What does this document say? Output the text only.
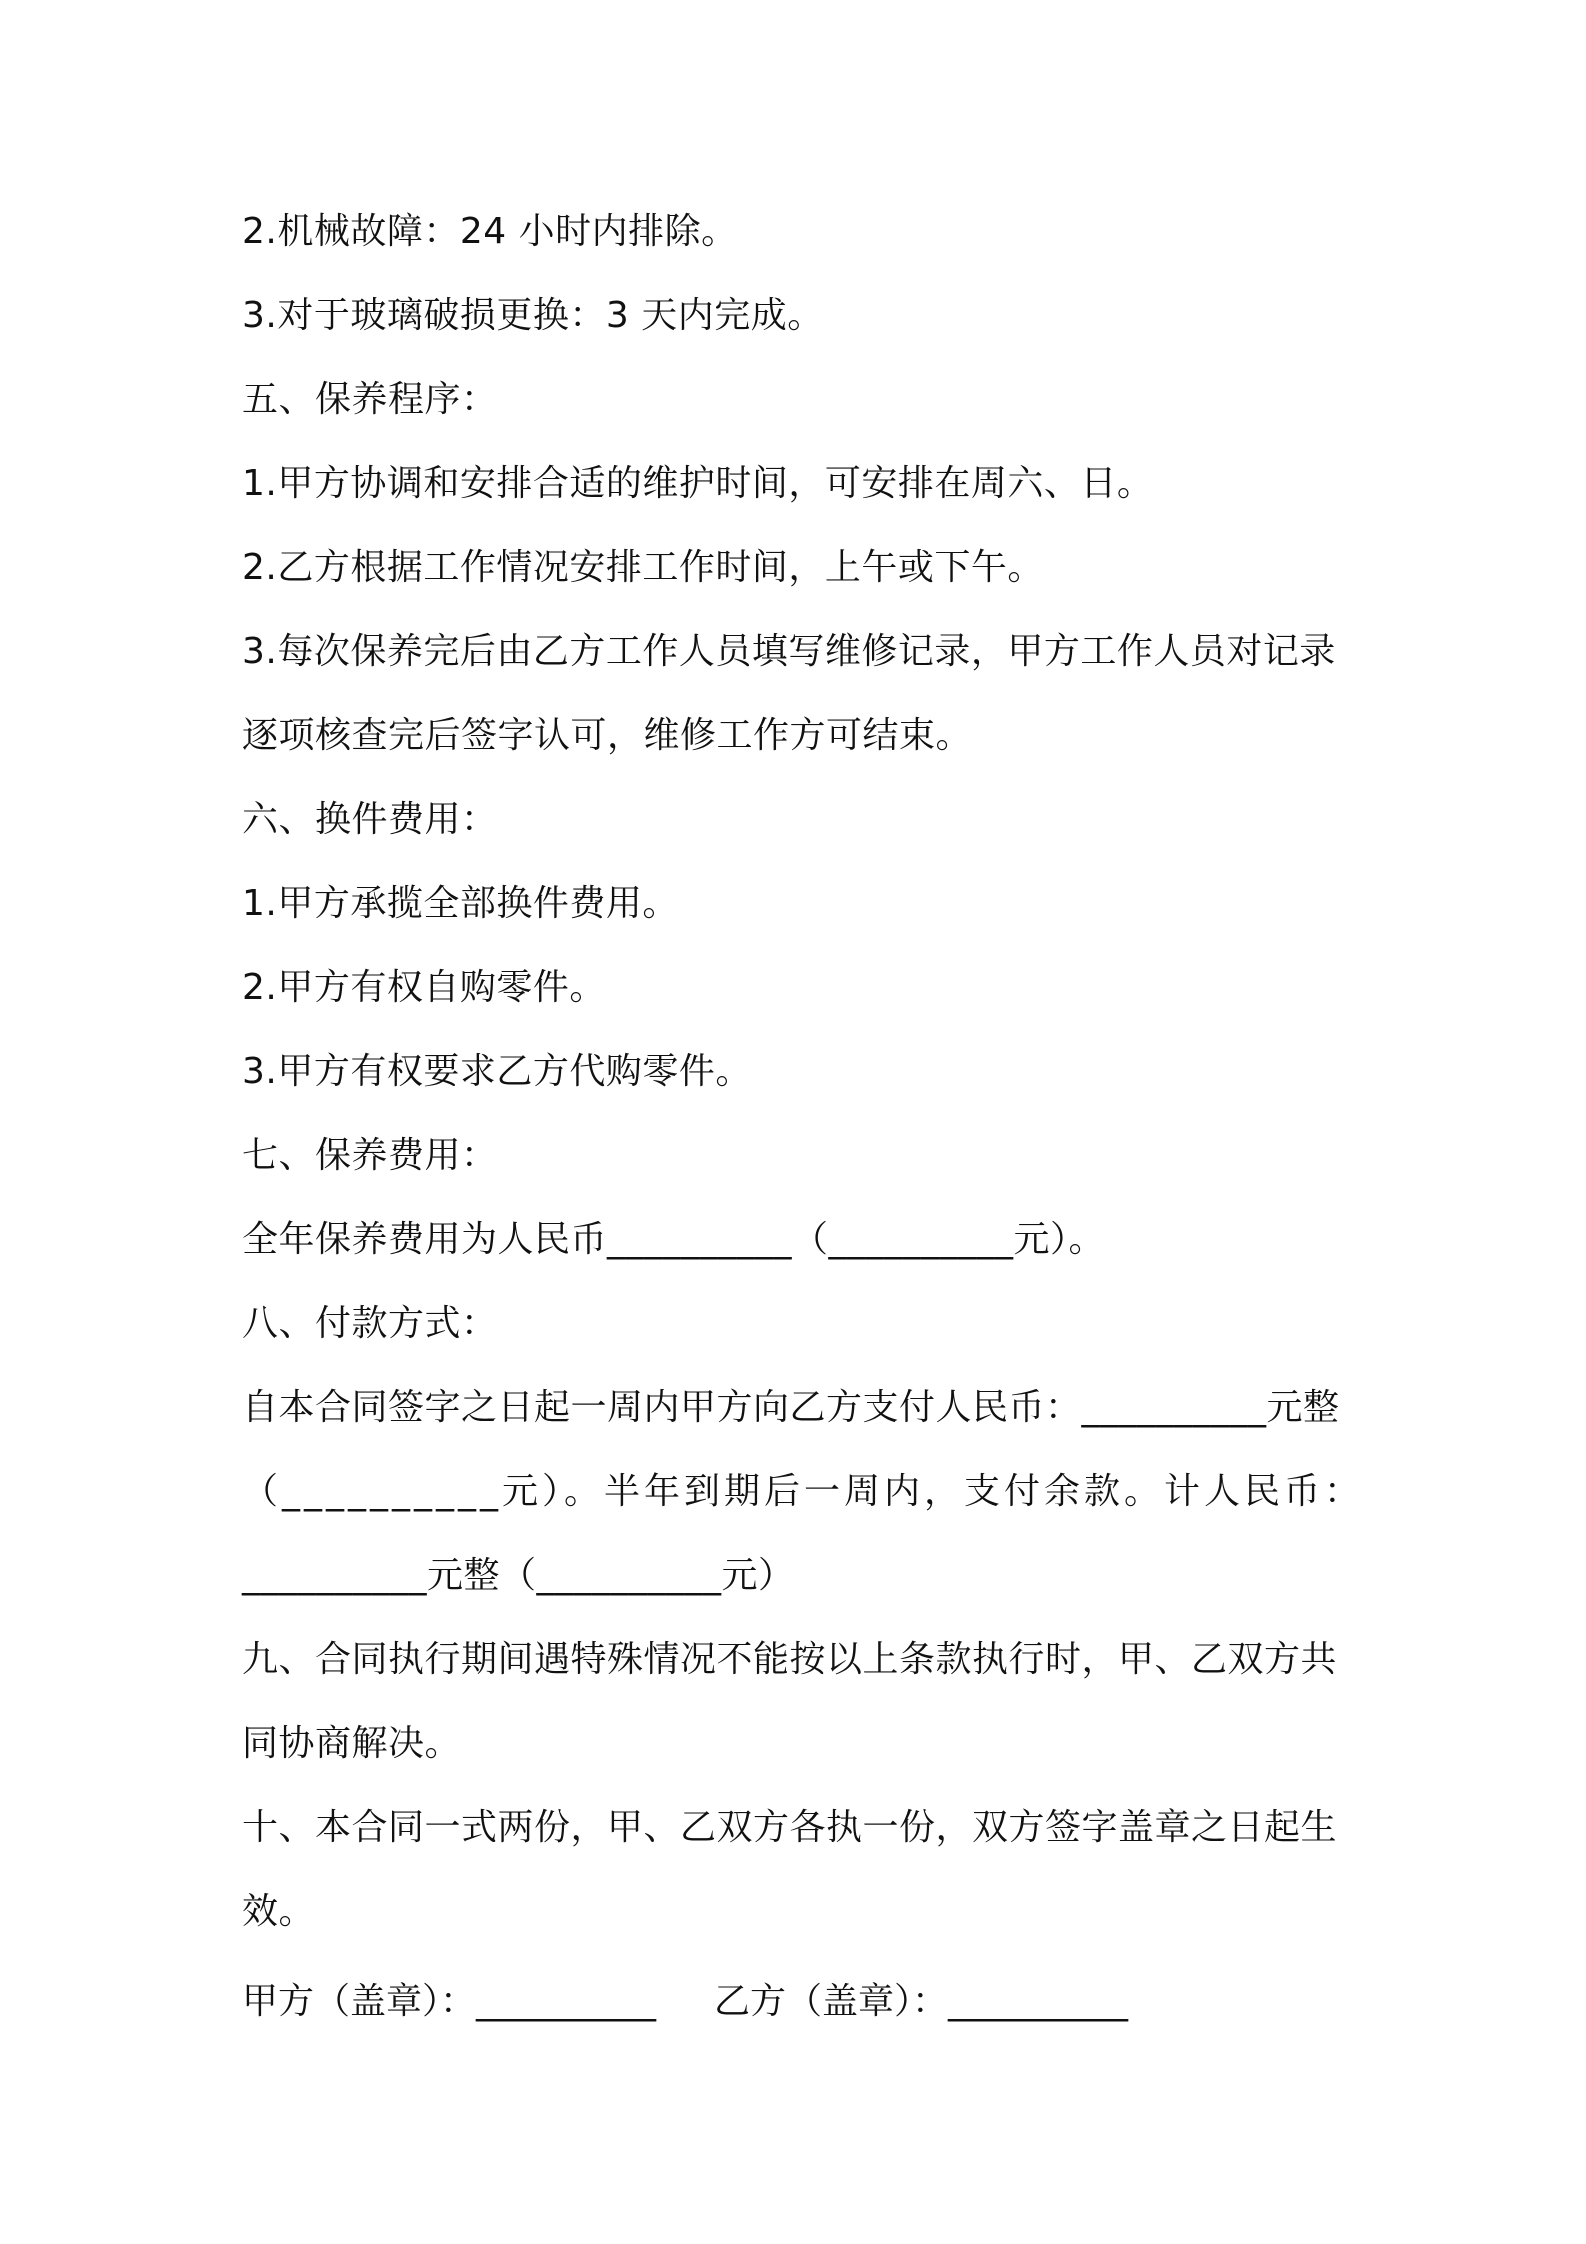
2.机械故障：24 小时内排除。
3.对于玻璃破损更换：3 天内完成。
五、保养程序：
1.甲方协调和安排合适的维护时间，可安排在周六、日。
2.乙方根据工作情况安排工作时间，上午或下午。
3.每次保养完后由乙方工作人员填写维修记录，甲方工作人员对记录
逐项核查完后签字认可，维修工作方可结束。
六、换件费用：
1.甲方承揽全部换件费用。
2.甲方有权自购零件。
3.甲方有权要求乙方代购零件。
七、保养费用：
全年保养费用为人民币__________（__________元）。
八、付款方式：
自本合同签字之日起一周内甲方向乙方支付人民币：__________元整
（__________元）。半年到期后一周内，支付余款。计人民币：
__________元整（__________元）
九、合同执行期间遇特殊情况不能按以上条款执行时，甲、乙双方共
同协商解决。
十、本合同一式两份，甲、乙双方各执一份，双方签字盖章之日起生
效。
甲方（盖章）：__________ 乙方（盖章）：__________
